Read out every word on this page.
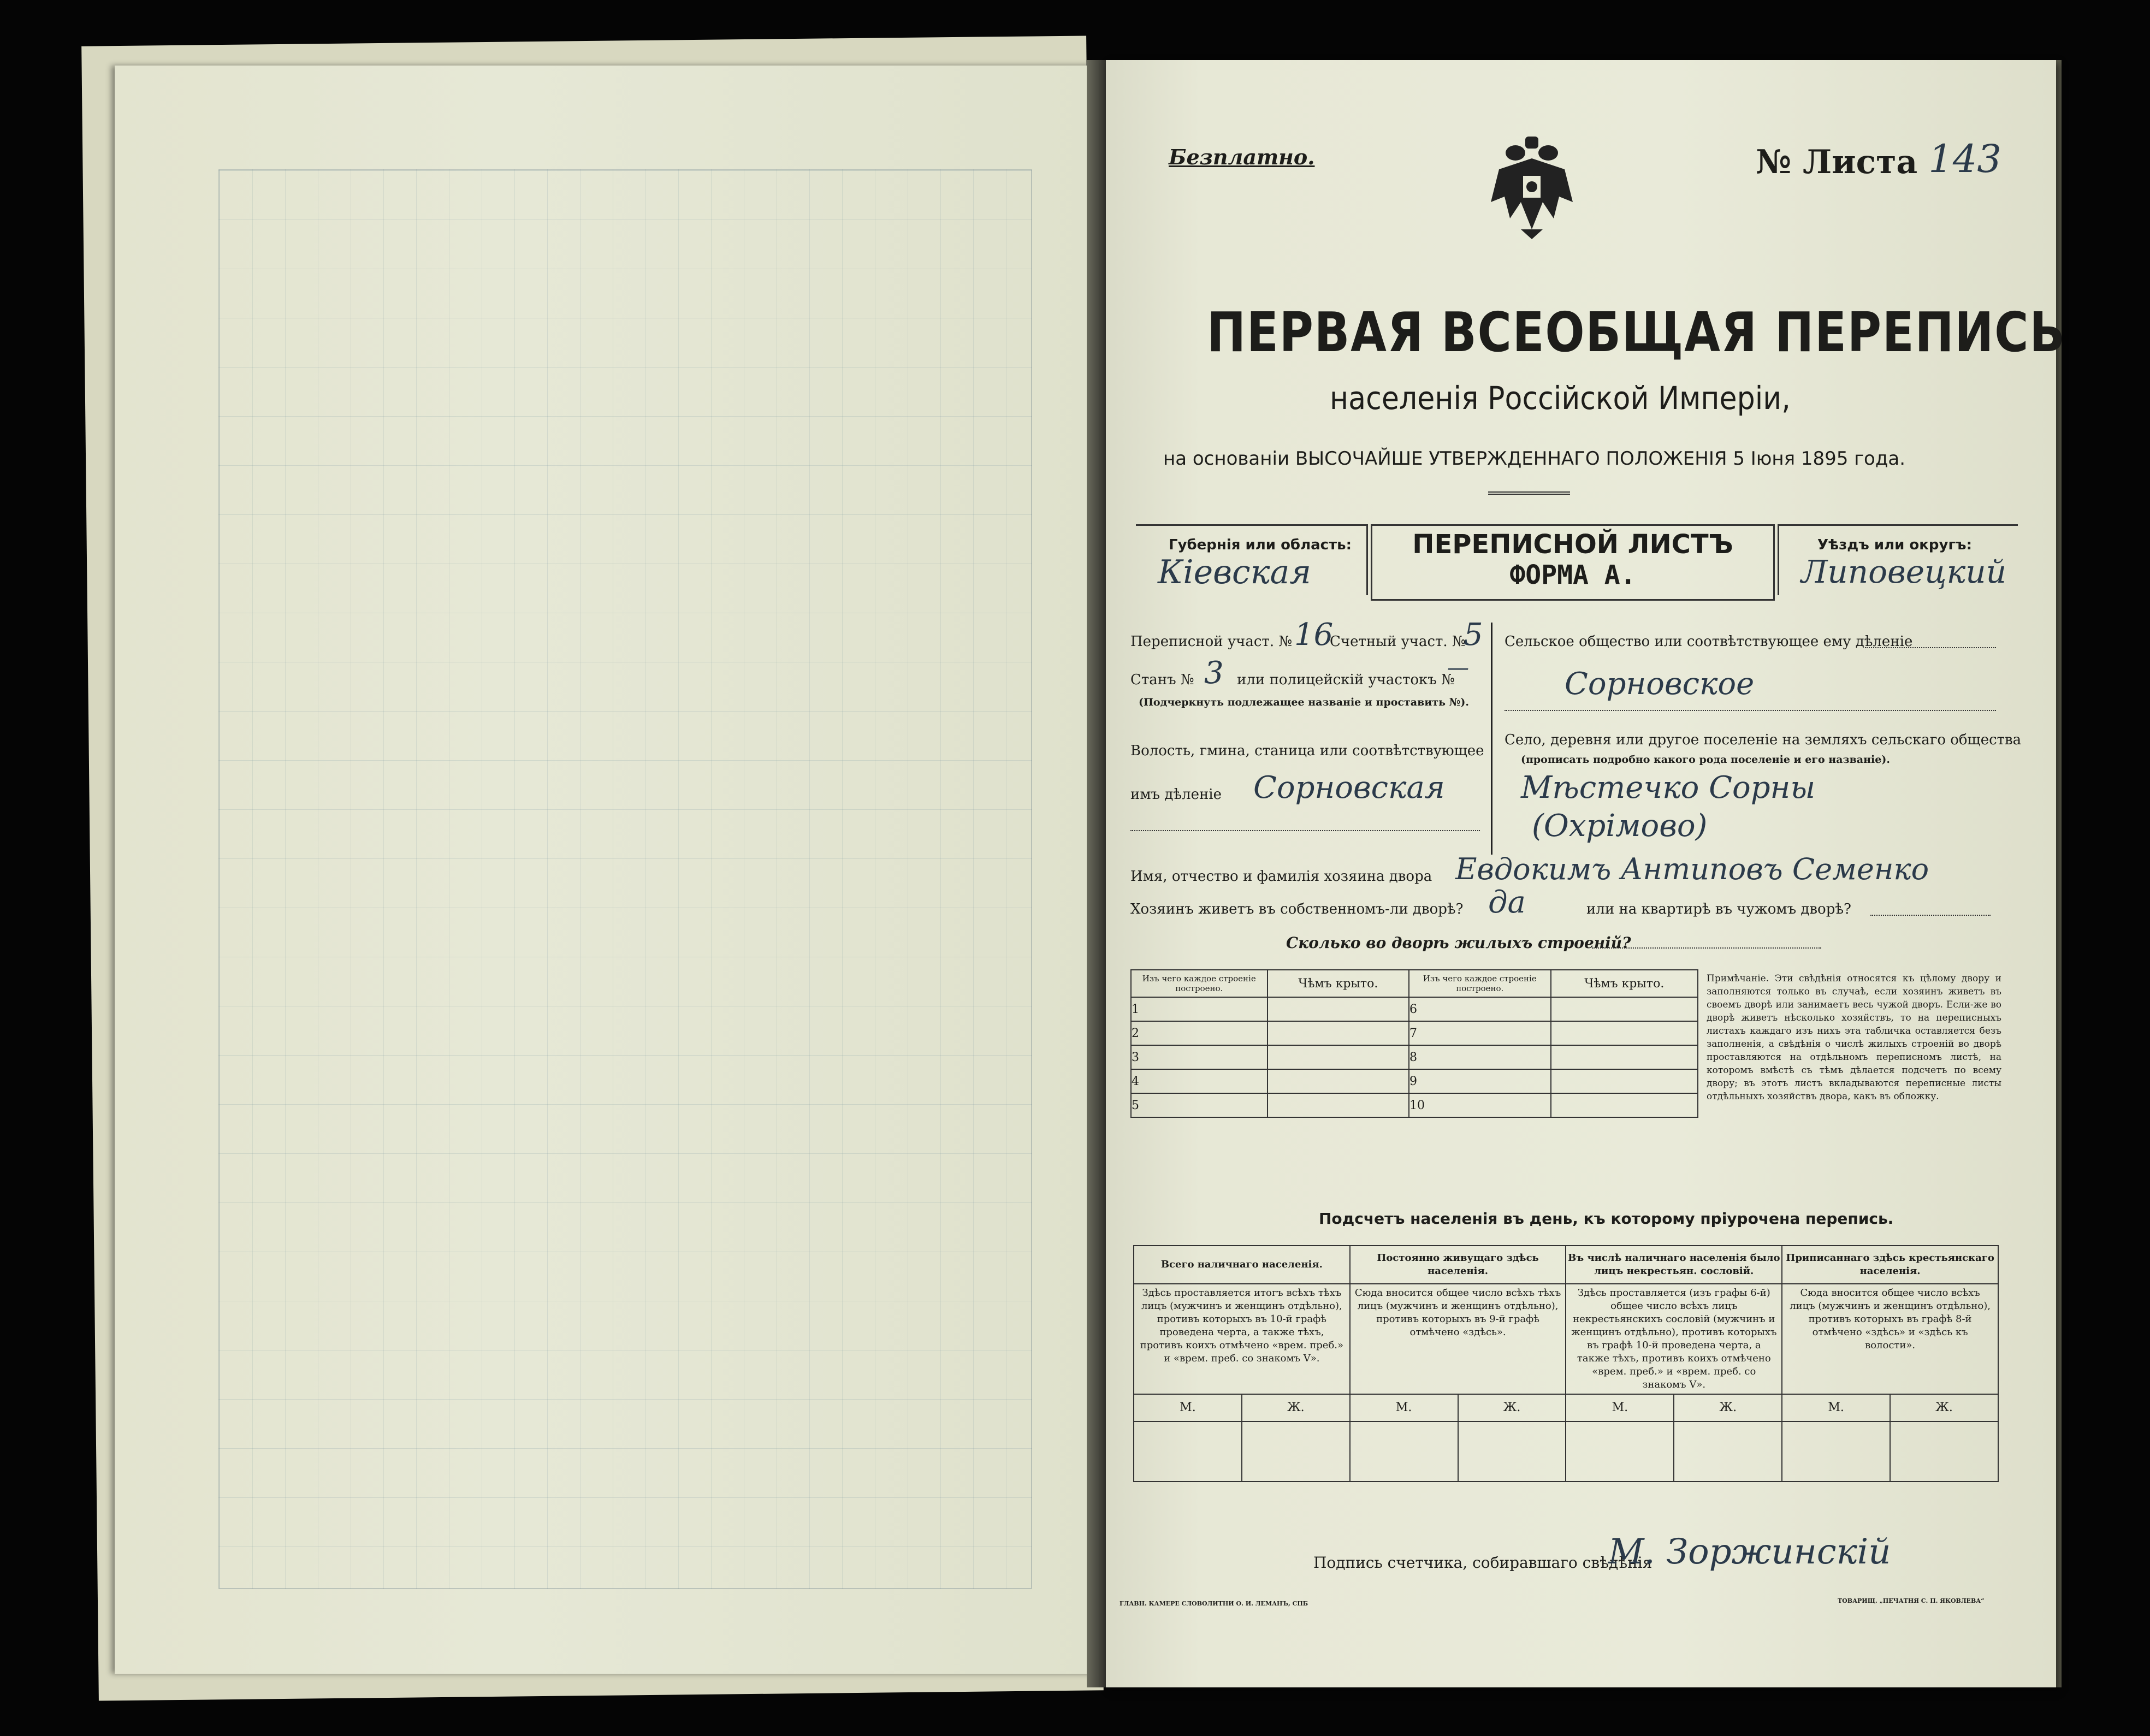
Безплатно.	№ Листа 143
ПЕРВАЯ ВСЕОБЩАЯ ПЕРЕПИСЬ
населенія Россійской Имперіи,
на основаніи ВЫСОЧАЙШЕ УТВЕРЖДЕННАГО ПОЛОЖЕНІЯ 5 Іюня 1895 года.
Губернія или область:
Кіевская
ПЕРЕПИСНОЙ ЛИСТЪ
ФОРМА А.
Уѣздъ или округъ:
Липовецкий
Переписной участ. № 16
Счетный участ. №
5
Станъ № 3 или полицейскій участокъ №
—
(Подчеркнуть подлежащее названіе и проставить №).
Волость, гмина, станица или соотвѣтствующее
имъ дѣленіе Сорновская
Сельское общество или соотвѣтствующее ему дѣленіе
Сорновское
Село, деревня или другое поселеніе на земляхъ сельскаго общества
(прописать подробно какого рода поселеніе и его названіе).
Мѣстечко Сорны
(Охрімово)
Имя, отчество и фамилія хозяина двора Евдокимъ Антиповъ Семенко
Хозяинъ живетъ въ собственномъ-ли дворѣ? да	или на квартирѣ въ чужомъ дворѣ?
Сколько во дворѣ жилыхъ строеній?
Изъ чего каждое строеніе построено.	Чѣмъ крыто.	Изъ чего каждое строеніе построено.	Чѣмъ крыто.
1		6	
2		7	
3		8	
4		9	
5		10	
Примѣчаніе. Эти свѣдѣнія относятся къ цѣлому двору и заполняются только въ случаѣ, если хозяинъ живетъ въ своемъ дворѣ или занимаетъ весь чужой дворъ. Если-же во дворѣ живетъ нѣсколько хозяйствъ, то на переписныхъ листахъ каждаго изъ нихъ эта табличка оставляется безъ заполненія, а свѣдѣнія о числѣ жилыхъ строеній во дворѣ проставляются на отдѣльномъ переписномъ листѣ, на которомъ вмѣстѣ съ тѣмъ дѣлается подсчетъ по всему двору; въ этотъ листъ вкладываются переписные листы отдѣльныхъ хозяйствъ двора, какъ въ обложку.
Подсчетъ населенія въ день, къ которому пріурочена перепись.
Всего наличнаго населенія.		Постоянно живущаго здѣсь населенія.		Въ числѣ наличнаго населенія было лицъ некрестьян. сословій.		Приписаннаго здѣсь крестьянскаго населенія.	
Здѣсь проставляется итогъ всѣхъ тѣхъ лицъ (мужчинъ и женщинъ отдѣльно), противъ которыхъ въ 10-й графѣ проведена черта, а также тѣхъ, противъ коихъ отмѣчено «врем. преб.» и «врем. преб. со знакомъ V».		Сюда вносится общее число всѣхъ тѣхъ лицъ (мужчинъ и женщинъ отдѣльно), противъ которыхъ въ 9-й графѣ отмѣчено «здѣсь».		Здѣсь проставляется (изъ графы 6-й) общее число всѣхъ лицъ некрестьянскихъ сословій (мужчинъ и женщинъ отдѣльно), противъ которыхъ въ графѣ 10-й проведена черта, а также тѣхъ, противъ коихъ отмѣчено «врем. преб.» и «врем. преб. со знакомъ V».		Сюда вносится общее число всѣхъ лицъ (мужчинъ и женщинъ отдѣльно), противъ которыхъ въ графѣ 8-й отмѣчено «здѣсь» и «здѣсь къ волости».	
М.	Ж.	М.	Ж.	М.	Ж.	М.	Ж.

Подпись счетчика, собиравшаго свѣдѣнія
М. Зоржинскій
ГЛАВН. КАМЕРЕ СЛОВОЛИТНИ О. И. ЛЕМАНЪ, СПБ	ТОВАРИЩ. „ПЕЧАТНЯ С. П. ЯКОВЛЕВА“
